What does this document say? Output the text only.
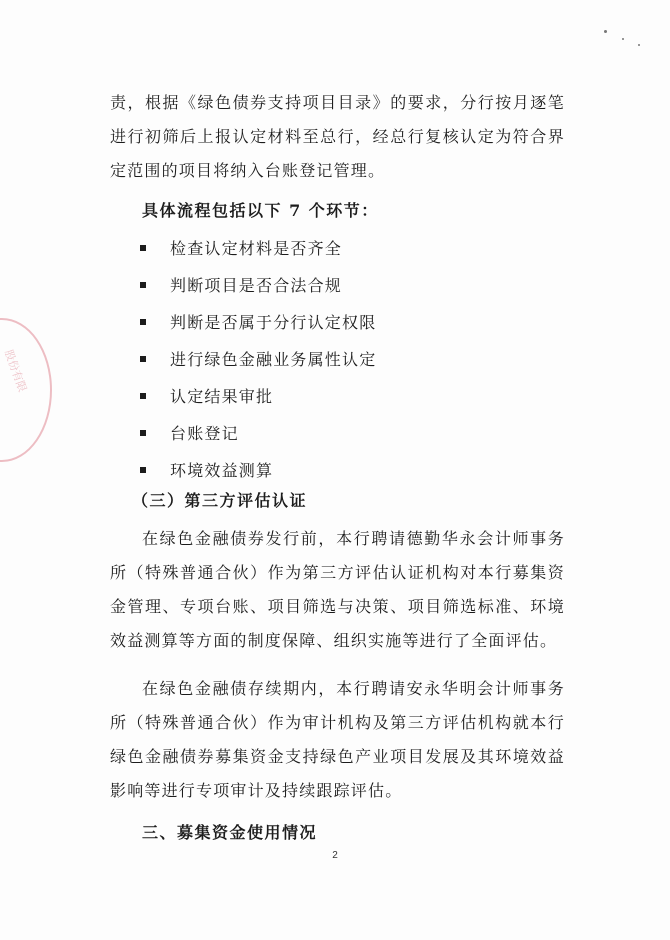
股份有限

责，根据《绿色债券支持项目目录》的要求，分行按月逐笔进行初筛后上报认定材料至总行，经总行复核认定为符合界定范围的项目将纳入台账登记管理。

具体流程包括以下 7 个环节：
检查认定材料是否齐全
判断项目是否合法合规
判断是否属于分行认定权限
进行绿色金融业务属性认定
认定结果审批
台账登记
环境效益测算
（三）第三方评估认证

在绿色金融债券发行前，本行聘请德勤华永会计师事务所（特殊普通合伙）作为第三方评估认证机构对本行募集资金管理、专项台账、项目筛选与决策、项目筛选标准、环境效益测算等方面的制度保障、组织实施等进行了全面评估。

在绿色金融债存续期内，本行聘请安永华明会计师事务所（特殊普通合伙）作为审计机构及第三方评估机构就本行绿色金融债券募集资金支持绿色产业项目发展及其环境效益影响等进行专项审计及持续跟踪评估。

三、募集资金使用情况
2
